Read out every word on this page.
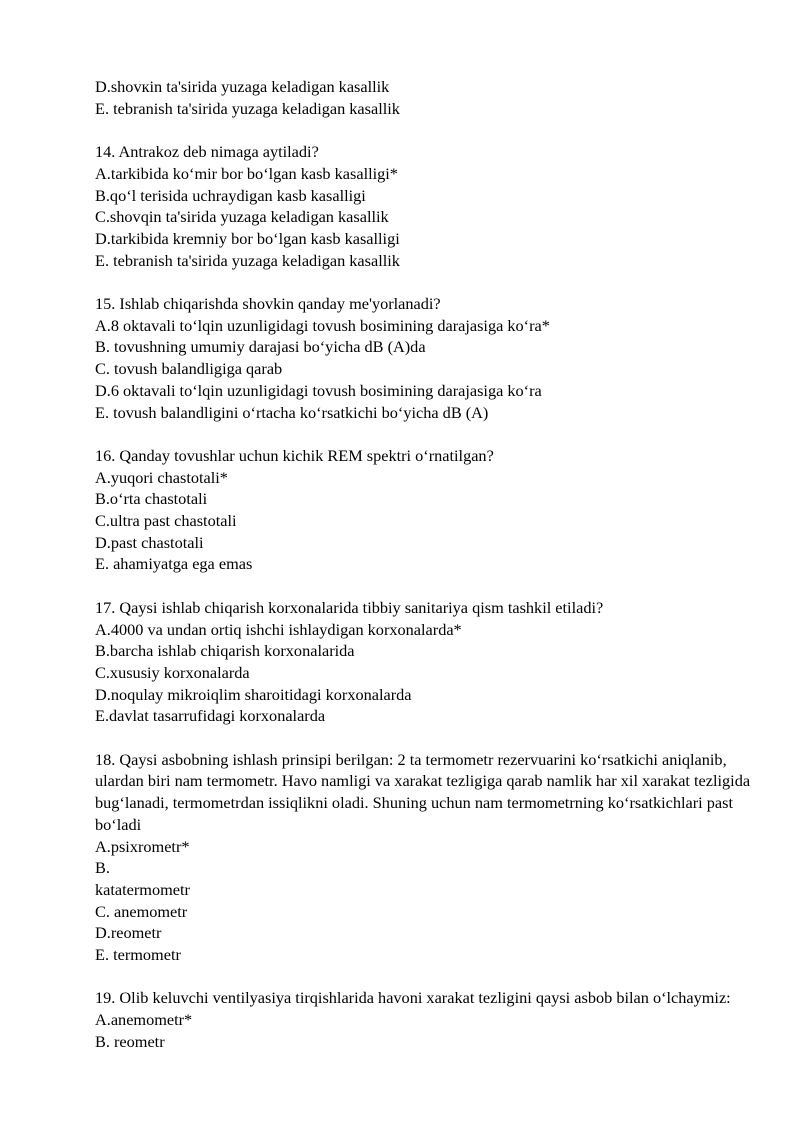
D.shovкin ta'sirida yuzaga keladigan kasallik
E. tebranish ta'sirida yuzaga keladigan kasallik
14. Antrakoz deb nimaga aytiladi?
A.tarkibida ko‘mir bor bo‘lgan kasb kasalligi*
B.qo‘l terisida uchraydigan kasb kasalligi
C.shovqin ta'sirida yuzaga keladigan kasallik
D.tarkibida kremniy bor bo‘lgan kasb kasalligi
E. tebranish ta'sirida yuzaga keladigan kasallik
15. Ishlab chiqarishda shovkin qanday me'yorlanadi?
A.8 oktavali to‘lqin uzunligidagi tovush bosimining darajasiga ko‘ra*
B. tovushning umumiy darajasi bo‘yicha dB (A)da
C. tovush balandligiga qarab
D.6 oktavali to‘lqin uzunligidagi tovush bosimining darajasiga ko‘ra
E. tovush balandligini o‘rtacha ko‘rsatkichi bo‘yicha dB (A)
16. Qanday tovushlar uchun kichik REM spektri o‘rnatilgan?
A.yuqori chastotali*
B.o‘rta chastotali
C.ultra past chastotali
D.past chastotali
E. ahamiyatga ega emas
17. Qaysi ishlab chiqarish korxonalarida tibbiy sanitariya qism tashkil etiladi?
A.4000 va undan ortiq ishchi ishlaydigan korxonalarda*
B.barcha ishlab chiqarish korxonalarida
C.xususiy korxonalarda
D.noqulay mikroiqlim sharoitidagi korxonalarda
E.davlat tasarrufidagi korxonalarda
18. Qaysi asbobning ishlash prinsipi berilgan: 2 ta termometr rezervuarini ko‘rsatkichi aniqlanib, ulardan biri nam termometr. Havo namligi va xarakat tezligiga qarab namlik har xil xarakat tezligida bug‘lanadi, termometrdan issiqlikni oladi. Shuning uchun nam termometrning ko‘rsatkichlari past bo‘ladi
A.psixrometr*
B.
katatermometr
C. anemometr
D.reometr
E. termometr
19. Olib keluvchi ventilyasiya tirqishlarida havoni xarakat tezligini qaysi asbob bilan o‘lchaymiz:
A.anemometr*
B. reometr
